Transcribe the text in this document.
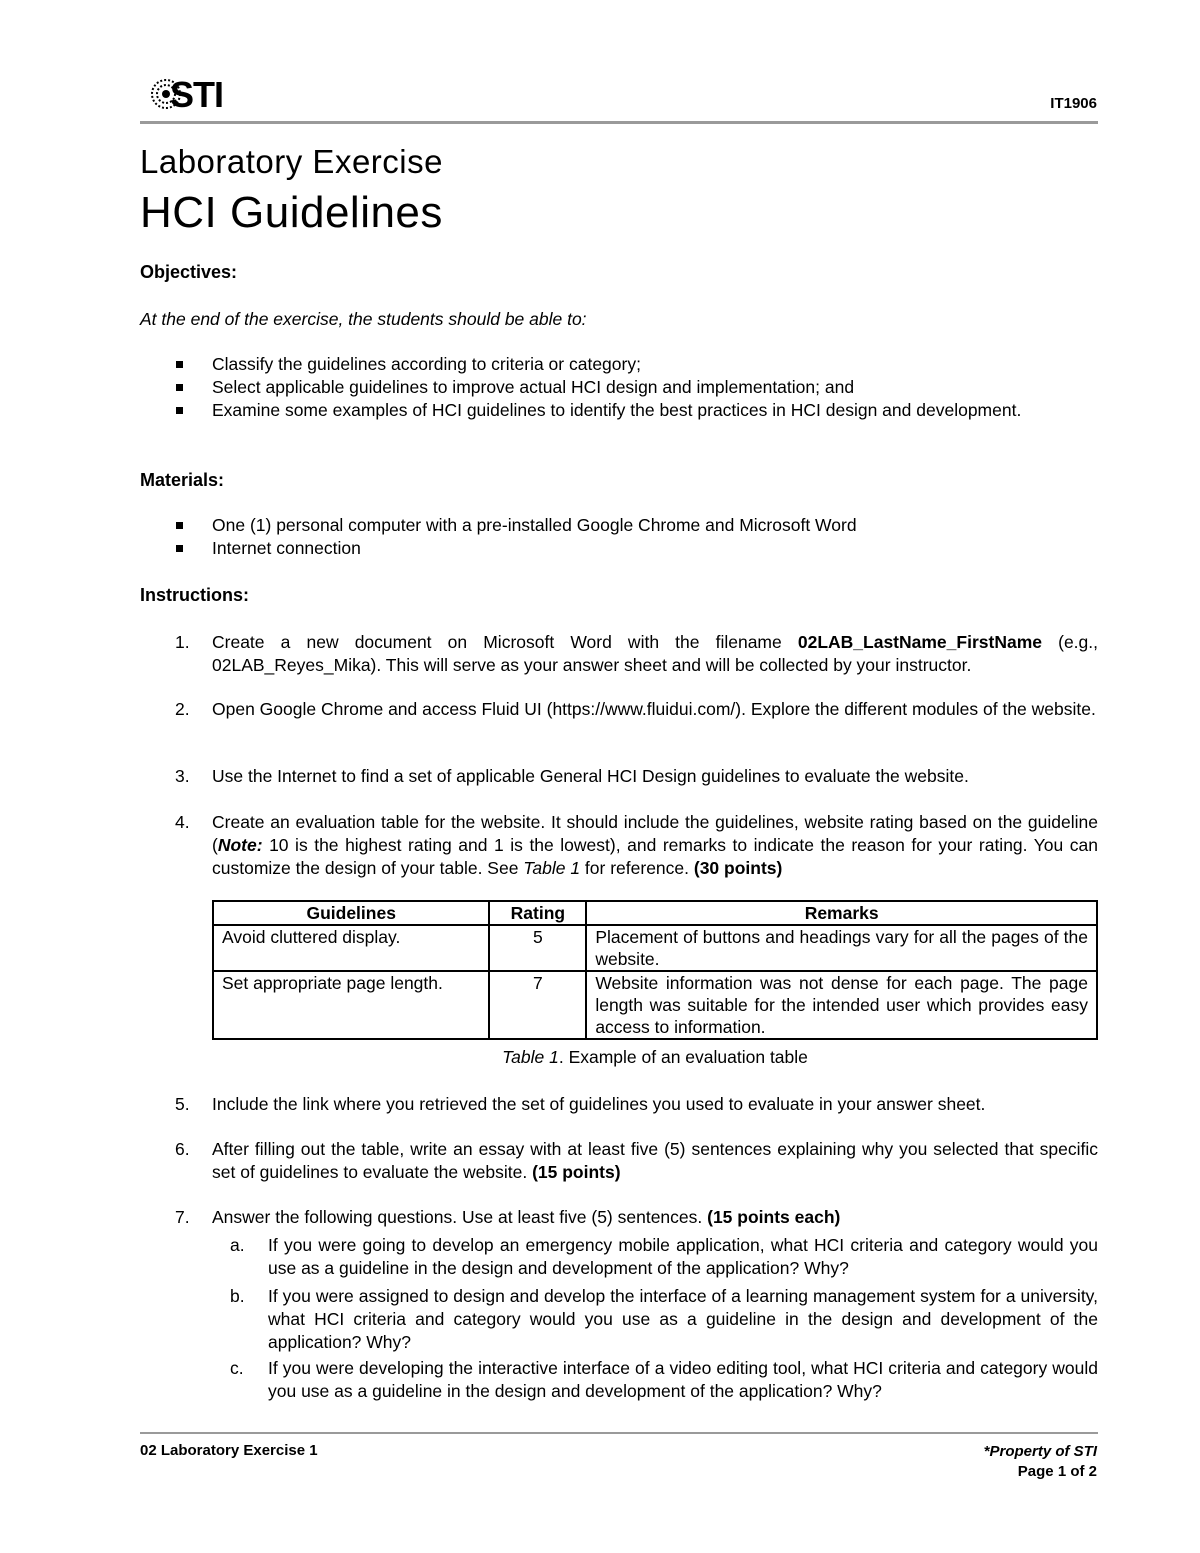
STI	IT1906
Laboratory Exercise
HCI Guidelines
Objectives:
At the end of the exercise, the students should be able to:
Classify the guidelines according to criteria or category;
Select applicable guidelines to improve actual HCI design and implementation; and
Examine some examples of HCI guidelines to identify the best practices in HCI design and development.
Materials:
One (1) personal computer with a pre-installed Google Chrome and Microsoft Word
Internet connection
Instructions:
1. Create a new document on Microsoft Word with the filename 02LAB_LastName_FirstName (e.g., 02LAB_Reyes_Mika). This will serve as your answer sheet and will be collected by your instructor.
2. Open Google Chrome and access Fluid UI (https://www.fluidui.com/). Explore the different modules of the website.
3. Use the Internet to find a set of applicable General HCI Design guidelines to evaluate the website.
4. Create an evaluation table for the website. It should include the guidelines, website rating based on the guideline (Note: 10 is the highest rating and 1 is the lowest), and remarks to indicate the reason for your rating. You can customize the design of your table. See Table 1 for reference. (30 points)
Guidelines	Rating	Remarks
Avoid cluttered display.	5	Placement of buttons and headings vary for all the pages of the website.
Set appropriate page length.	7	Website information was not dense for each page. The page length was suitable for the intended user which provides easy access to information.
Table 1. Example of an evaluation table
5. Include the link where you retrieved the set of guidelines you used to evaluate in your answer sheet.
6. After filling out the table, write an essay with at least five (5) sentences explaining why you selected that specific set of guidelines to evaluate the website. (15 points)
7. Answer the following questions. Use at least five (5) sentences. (15 points each)
a. If you were going to develop an emergency mobile application, what HCI criteria and category would you use as a guideline in the design and development of the application? Why?
b. If you were assigned to design and develop the interface of a learning management system for a university, what HCI criteria and category would you use as a guideline in the design and development of the application? Why?
c. If you were developing the interactive interface of a video editing tool, what HCI criteria and category would you use as a guideline in the design and development of the application? Why?
02 Laboratory Exercise 1	*Property of STI
Page 1 of 2
